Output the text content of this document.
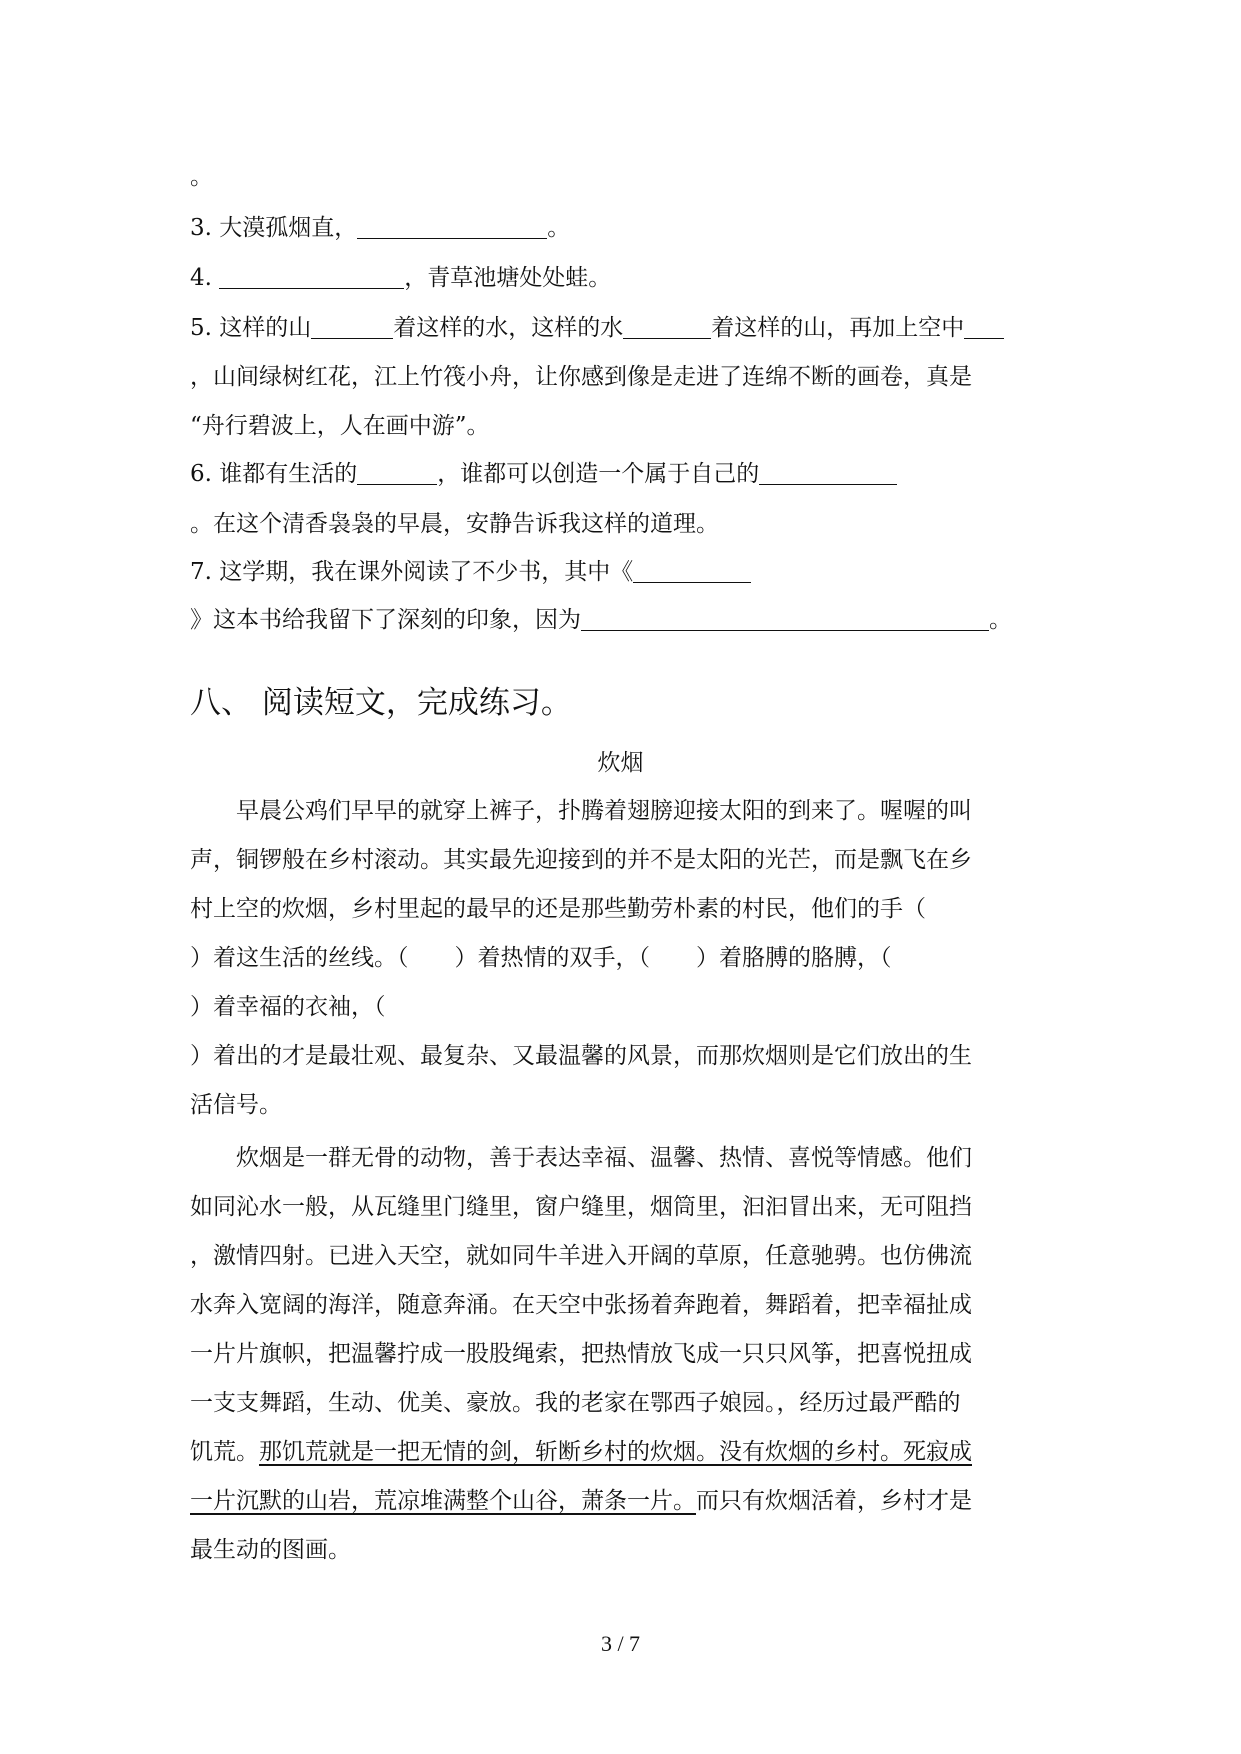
。
3. 大漠孤烟直，	。
4.	，青草池塘处处蛙。
5. 这样的山	着这样的水，这样的水	着这样的山，再加上空中
，山间绿树红花，江上竹筏小舟，让你感到像是走进了连绵不断的画卷，真是
“舟行碧波上，人在画中游”。
6. 谁都有生活的	，谁都可以创造一个属于自己的
。在这个清香袅袅的早晨，安静告诉我这样的道理。
7. 这学期，我在课外阅读了不少书，其中《
》这本书给我留下了深刻的印象，因为	。
八、 阅读短文，完成练习。
炊烟
　　早晨公鸡们早早的就穿上裤子，扑腾着翅膀迎接太阳的到来了。喔喔的叫
声，铜锣般在乡村滚动。其实最先迎接到的并不是太阳的光芒，而是飘飞在乡
村上空的炊烟，乡村里起的最早的还是那些勤劳朴素的村民，他们的手（
）着这生活的丝线。（　　）着热情的双手，（　　）着胳膊的胳膊，（
）着幸福的衣袖，（
）着出的才是最壮观、最复杂、又最温馨的风景，而那炊烟则是它们放出的生
活信号。
　　炊烟是一群无骨的动物，善于表达幸福、温馨、热情、喜悦等情感。他们
如同沁水一般，从瓦缝里门缝里，窗户缝里，烟筒里，汩汩冒出来，无可阻挡
，激情四射。已进入天空，就如同牛羊进入开阔的草原，任意驰骋。也仿佛流
水奔入宽阔的海洋，随意奔涌。在天空中张扬着奔跑着，舞蹈着，把幸福扯成
一片片旗帜，把温馨拧成一股股绳索，把热情放飞成一只只风筝，把喜悦扭成
一支支舞蹈，生动、优美、豪放。我的老家在鄂西子娘园。，经历过最严酷的
饥荒。那饥荒就是一把无情的剑，斩断乡村的炊烟。没有炊烟的乡村。死寂成
一片沉默的山岩，荒凉堆满整个山谷，萧条一片。而只有炊烟活着，乡村才是
最生动的图画。
3 / 7
